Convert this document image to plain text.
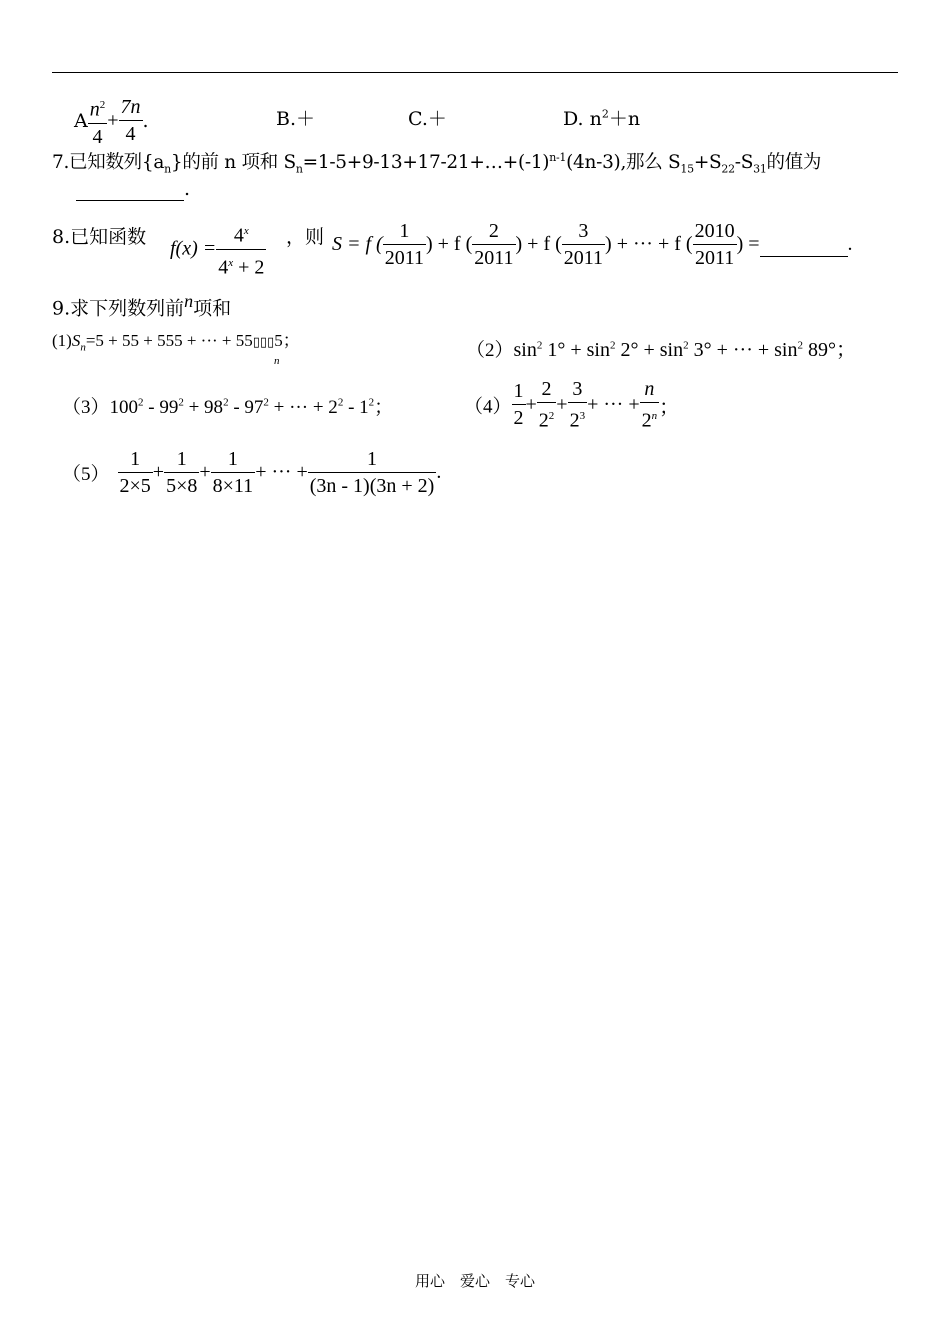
A $\frac{n^2}{4} + \frac{7n}{4}$ .	B.＋	C.＋	D. $n^2+n$
7.已知数列$\{a_n\}$的前 n 项和 $S_n=1-5+9-13+17-21+\dots+(-1)^{n-1}(4n-3)$,那么 $S_{15}+S_{22}-S_{31}$的值为
.
8.已知函数
$f(x) = \frac{4^x}{4^x + 2}$ ，则 S = f ( $\frac{1}{2011}$ ) + f ( $\frac{2}{2011}$ ) + f ( $\frac{3}{2011}$ ) + ··· + f ( $\frac{2010}{2011}$ ) =	.
9.求下列数列前n项和
$(1)S_n=5 + 55 + 555$ + ··· + 55▯▯▯5；
n	$(2)\sin^2$ $1^\circ + \sin^2 2^\circ + \sin^2 3^\circ$ + ··· + $\sin^2 89^\circ$；
$(3)100^2 - 99^2 + 98^2 - 97^2$ + ··· + $2^2 - 1^2$；	$(4) \frac{1}{2} + \frac{2}{2^2} + \frac{3}{2^3}$ + ··· + $\frac{n}{2^n}$ ；
$(5) \frac{1}{2\times 5} + \frac{1}{5\times 8} + \frac{1}{8\times 11}$ + ··· + $\frac{1}{(3n - 1)(3n + 2)}$ .
用心　爱心　专心
